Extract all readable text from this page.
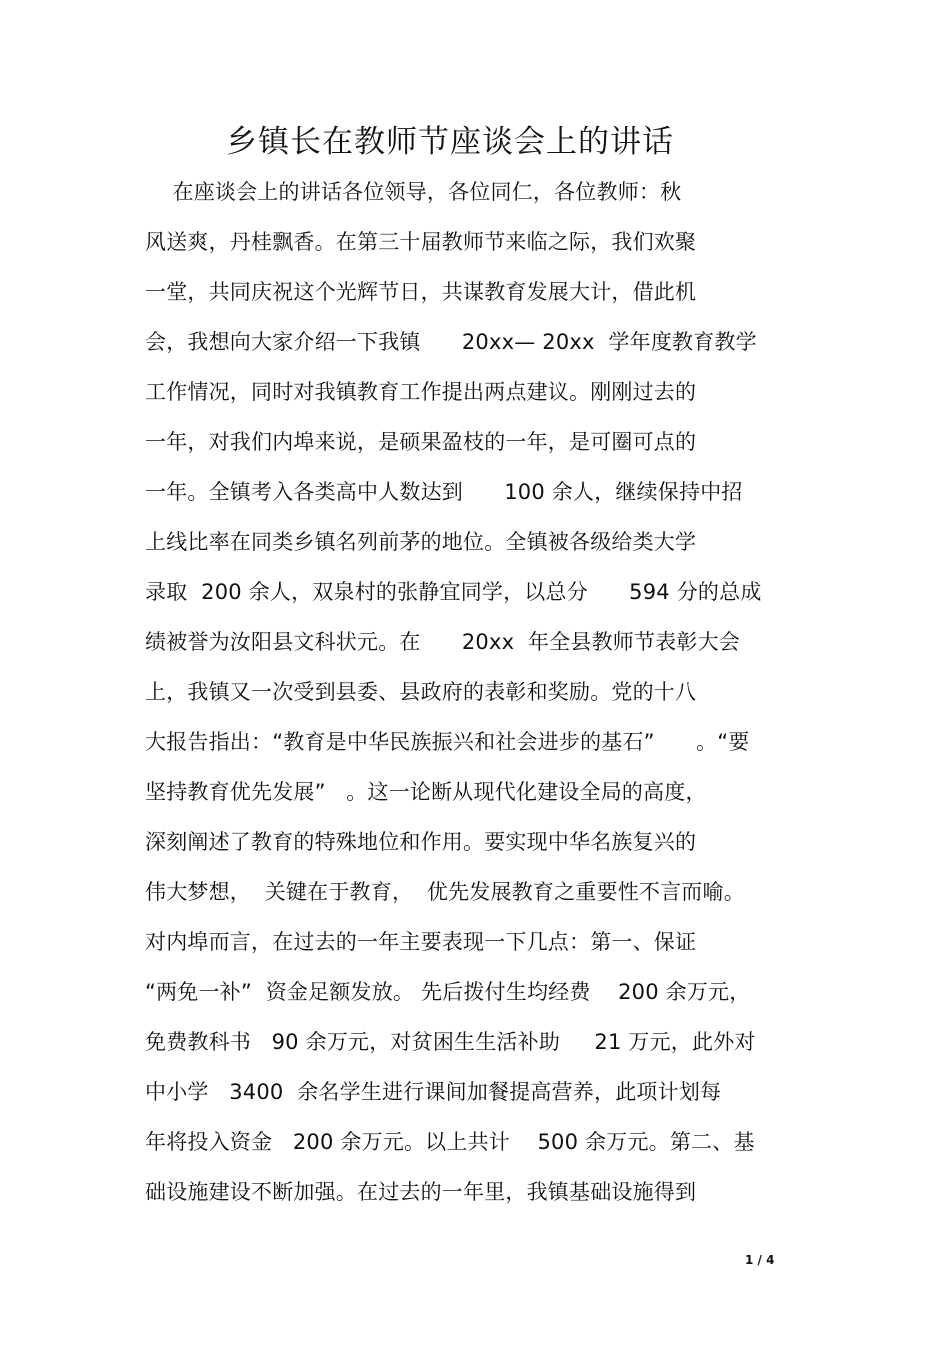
乡镇长在教师节座谈会上的讲话
在座谈会上的讲话各位领导，各位同仁，各位教师：秋
风送爽，丹桂飘香。在第三十届教师节来临之际，我们欢聚
一堂，共同庆祝这个光辉节日，共谋教育发展大计，借此机
会，我想向大家介绍一下我镇      20xx— 20xx  学年度教育教学
工作情况，同时对我镇教育工作提出两点建议。刚刚过去的
一年，对我们内埠来说，是硕果盈枝的一年，是可圈可点的
一年。全镇考入各类高中人数达到      100 余人，继续保持中招
上线比率在同类乡镇名列前茅的地位。全镇被各级给类大学
录取  200 余人，双泉村的张静宜同学，以总分      594 分的总成
绩被誉为汝阳县文科状元。在      20xx  年全县教师节表彰大会
上，我镇又一次受到县委、县政府的表彰和奖励。党的十八
大报告指出：“教育是中华民族振兴和社会进步的基石”      。“要
坚持教育优先发展”   。这一论断从现代化建设全局的高度，
深刻阐述了教育的特殊地位和作用。要实现中华名族复兴的
伟大梦想，  关键在于教育，  优先发展教育之重要性不言而喻。
对内埠而言，在过去的一年主要表现一下几点：第一、保证
“两免一补”  资金足额发放。 先后拨付生均经费    200 余万元，
免费教科书   90 余万元，对贫困生生活补助     21 万元，此外对
中小学   3400  余名学生进行课间加餐提高营养，此项计划每
年将投入资金   200 余万元。以上共计    500 余万元。第二、基
础设施建设不断加强。在过去的一年里，我镇基础设施得到
1 / 4
